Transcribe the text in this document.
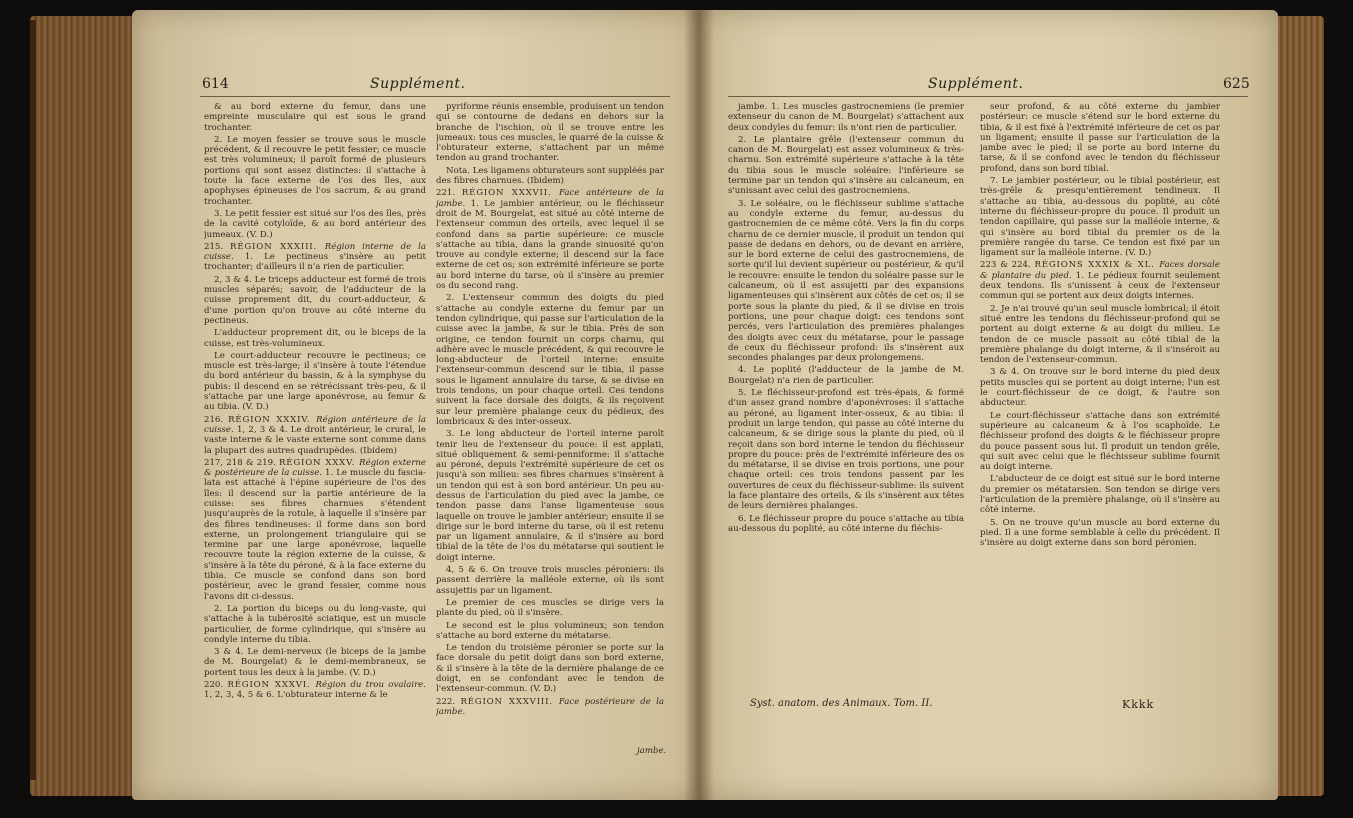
614	Supplément.

& au bord externe du femur, dans une empreinte musculaire qui est sous le grand trochanter.

2. Le moyen fessier se trouve sous le muscle précédent, & il recouvre le petit fessier; ce muscle est très volumineux; il paroît formé de plusieurs portions qui sont assez distinctes: il s'attache à toute la face externe de l'os des îles, aux apophyses épineuses de l'os sacrum, & au grand trochanter.

3. Le petit fessier est situé sur l'os des îles, près de la cavité cotyloïde, & au bord antérieur des jumeaux. (V. D.)

215. RÉGION XXXIII. Région interne de la cuisse. 1. Le pectineus s'insère au petit trochanter; d'ailleurs il n'a rien de particulier.

2, 3 & 4. Le triceps adducteur est formé de trois muscles séparés; savoir, de l'adducteur de la cuisse proprement dit, du court-adducteur, & d'une portion qu'on trouve au côté interne du pectineus.

L'adducteur proprement dit, ou le biceps de la cuisse, est très-volumineux.

Le court-adducteur recouvre le pectineus; ce muscle est très-large; il s'insère à toute l'étendue du bord antérieur du bassin, & à la symphyse du pubis: il descend en se rétrécissant très-peu, & il s'attache par une large aponévrose, au femur & au tibia. (V. D.)

216. RÉGION XXXIV. Région antérieure de la cuisse. 1, 2, 3 & 4. Le droit antérieur, le crural, le vaste interne & le vaste externe sont comme dans la plupart des autres quadrupèdes. (Ibidem)

217, 218 & 219. RÉGION XXXV. Région externe & postérieure de la cuisse. 1. Le muscle du fascia-lata est attaché à l'épine supérieure de l'os des îles: il descend sur la partie antérieure de la cuisse: ses fibres charnues s'étendent jusqu'auprès de la rotule, à laquelle il s'insère par des fibres tendineuses: il forme dans son bord externe, un prolongement triangulaire qui se termine par une large aponévrose, laquelle recouvre toute la région externe de la cuisse, & s'insère à la tête du péroné, & à la face externe du tibia. Ce muscle se confond dans son bord postérieur, avec le grand fessier, comme nous l'avons dit ci-dessus.

2. La portion du biceps ou du long-vaste, qui s'attache à la tubérosité sciatique, est un muscle particulier, de forme cylindrique, qui s'insère au condyle interne du tibia.

3 & 4. Le demi-nerveux (le biceps de la jambe de M. Bourgelat) & le demi-membraneux, se portent tous les deux à la jambe. (V. D.)

220. RÉGION XXXVI. Région du trou ovalaire. 1, 2, 3, 4, 5 & 6. L'obturateur interne & le

pyriforme réunis ensemble, produisent un tendon qui se contourne de dedans en dehors sur la branche de l'ischion, où il se trouve entre les jumeaux: tous ces muscles, le quarré de la cuisse & l'obturateur externe, s'attachent par un même tendon au grand trochanter.

Nota. Les ligamens obturateurs sont suppléés par des fibres charnues. (Ibidem)

221. RÉGION XXXVII. Face antérieure de la jambe. 1. Le jambier antérieur, ou le fléchisseur droit de M. Bourgelat, est situé au côté interne de l'extenseur commun des orteils, avec lequel il se confond dans sa partie supérieure: ce muscle s'attache au tibia, dans la grande sinuosité qu'on trouve au condyle externe; il descend sur la face externe de cet os; son extrémité inférieure se porte au bord interne du tarse, où il s'insère au premier os du second rang.

2. L'extenseur commun des doigts du pied s'attache au condyle externe du femur par un tendon cylindrique, qui passe sur l'articulation de la cuisse avec la jambe, & sur le tibia. Près de son origine, ce tendon fournit un corps charnu, qui adhère avec le muscle précédent, & qui recouvre le long-abducteur de l'orteil interne: ensuite l'extenseur-commun descend sur le tibia, il passe sous le ligament annulaire du tarse, & se divise en trois tendons, un pour chaque orteil. Ces tendons suivent la face dorsale des doigts, & ils reçoivent sur leur première phalange ceux du pédieux, des lombricaux & des inter-osseux.

3. Le long abducteur de l'orteil interne paroît tenir lieu de l'extenseur du pouce: il est applati, situé obliquement & semi-penniforme: il s'attache au péroné, depuis l'extrémité supérieure de cet os jusqu'à son milieu: ses fibres charnues s'insèrent à un tendon qui est à son bord antérieur. Un peu au-dessus de l'articulation du pied avec la jambe, ce tendon passe dans l'anse ligamenteuse sous laquelle on trouve le jambier antérieur; ensuite il se dirige sur le bord interne du tarse, où il est retenu par un ligament annulaire, & il s'insère au bord tibial de la tête de l'os du métatarse qui soutient le doigt interne.

4, 5 & 6. On trouve trois muscles péroniers: ils passent derrière la malléole externe, où ils sont assujettis par un ligament.

Le premier de ces muscles se dirige vers la plante du pied, où il s'insère.

Le second est le plus volumineux; son tendon s'attache au bord externe du métatarse.

Le tendon du troisième péronier se porte sur la face dorsale du petit doigt dans son bord externe, & il s'insère à la tête de la dernière phalange de ce doigt, en se confondant avec le tendon de l'extenseur-commun. (V. D.)

222. RÉGION XXXVIII. Face postérieure de la jambe.

jambe.
Supplément.	625

jambe. 1. Les muscles gastrocnemiens (le premier extenseur du canon de M. Bourgelat) s'attachent aux deux condyles du femur: ils n'ont rien de particulier.

2. Le plantaire grêle (l'extenseur commun du canon de M. Bourgelat) est assez volumineux & très-charnu. Son extrémité supérieure s'attache à la tête du tibia sous le muscle soléaire: l'inférieure se termine par un tendon qui s'insère au calcaneum, en s'unissant avec celui des gastrocnemiens.

3. Le soléaire, ou le fléchisseur sublime s'attache au condyle externe du femur, au-dessus du gastrocnemien de ce même côté. Vers la fin du corps charnu de ce dernier muscle, il produit un tendon qui passe de dedans en dehors, ou de devant en arrière, sur le bord externe de celui des gastrocnemiens, de sorte qu'il lui devient supérieur ou postérieur, & qu'il le recouvre: ensuite le tendon du soléaire passe sur le calcaneum, où il est assujetti par des expansions ligamenteuses qui s'insèrent aux côtés de cet os; il se porte sous la plante du pied, & il se divise en trois portions, une pour chaque doigt: ces tendons sont percés, vers l'articulation des premières phalanges des doigts avec ceux du métatarse, pour le passage de ceux du fléchisseur profond: ils s'insèrent aux secondes phalanges par deux prolongemens.

4. Le poplité (l'adducteur de la jambe de M. Bourgelat) n'a rien de particulier.

5. Le fléchisseur-profond est très-épais, & formé d'un assez grand nombre d'aponévroses: il s'attache au péroné, au ligament inter-osseux, & au tibia: il produit un large tendon, qui passe au côté interne du calcaneum, & se dirige sous la plante du pied, où il reçoit dans son bord interne le tendon du fléchisseur propre du pouce: près de l'extrémité inférieure des os du métatarse, il se divise en trois portions, une pour chaque orteil: ces trois tendons passent par les ouvertures de ceux du fléchisseur-sublime: ils suivent la face plantaire des orteils, & ils s'insèrent aux têtes de leurs dernières phalanges.

6. Le fléchisseur propre du pouce s'attache au tibia au-dessous du poplité, au côté interne du fléchis-

seur profond, & au côté externe du jambier postérieur: ce muscle s'étend sur le bord externe du tibia, & il est fixé à l'extrémité inférieure de cet os par un ligament; ensuite il passe sur l'articulation de la jambe avec le pied; il se porte au bord interne du tarse, & il se confond avec le tendon du fléchisseur profond, dans son bord tibial.

7. Le jambier postérieur, ou le tibial postérieur, est très-grêle & presqu'entièrement tendineux. Il s'attache au tibia, au-dessous du poplité, au côté interne du fléchisseur-propre du pouce. Il produit un tendon capillaire, qui passe sur la malléole interne, & qui s'insère au bord tibial du premier os de la première rangée du tarse. Ce tendon est fixé par un ligament sur la malléole interne. (V. D.)

223 & 224. RÉGIONS XXXIX & XL. Faces dorsale & plantaire du pied. 1. Le pédieux fournit seulement deux tendons. Ils s'unissent à ceux de l'extenseur commun qui se portent aux deux doigts internes.

2. Je n'ai trouvé qu'un seul muscle lombrical; il étoit situé entre les tendons du fléchisseur-profond qui se portent au doigt externe & au doigt du milieu. Le tendon de ce muscle passoit au côté tibial de la première phalange du doigt interne, & il s'inséroit au tendon de l'extenseur-commun.

3 & 4. On trouve sur le bord interne du pied deux petits muscles qui se portent au doigt interne; l'un est le court-fléchisseur de ce doigt, & l'autre son abducteur.

Le court-fléchisseur s'attache dans son extrémité supérieure au calcaneum & à l'os scaphoïde. Le fléchisseur profond des doigts & le fléchisseur propre du pouce passent sous lui. Il produit un tendon grêle, qui suit avec celui que le fléchisseur sublime fournit au doigt interne.

L'abducteur de ce doigt est situé sur le bord interne du premier os métatarsien. Son tendon se dirige vers l'articulation de la première phalange, où il s'insère au côté interne.

5. On ne trouve qu'un muscle au bord externe du pied. Il a une forme semblable à celle du précédent. Il s'insère au doigt externe dans son bord péronien.

Syst. anatom. des Animaux. Tom. II.	Kkkk
